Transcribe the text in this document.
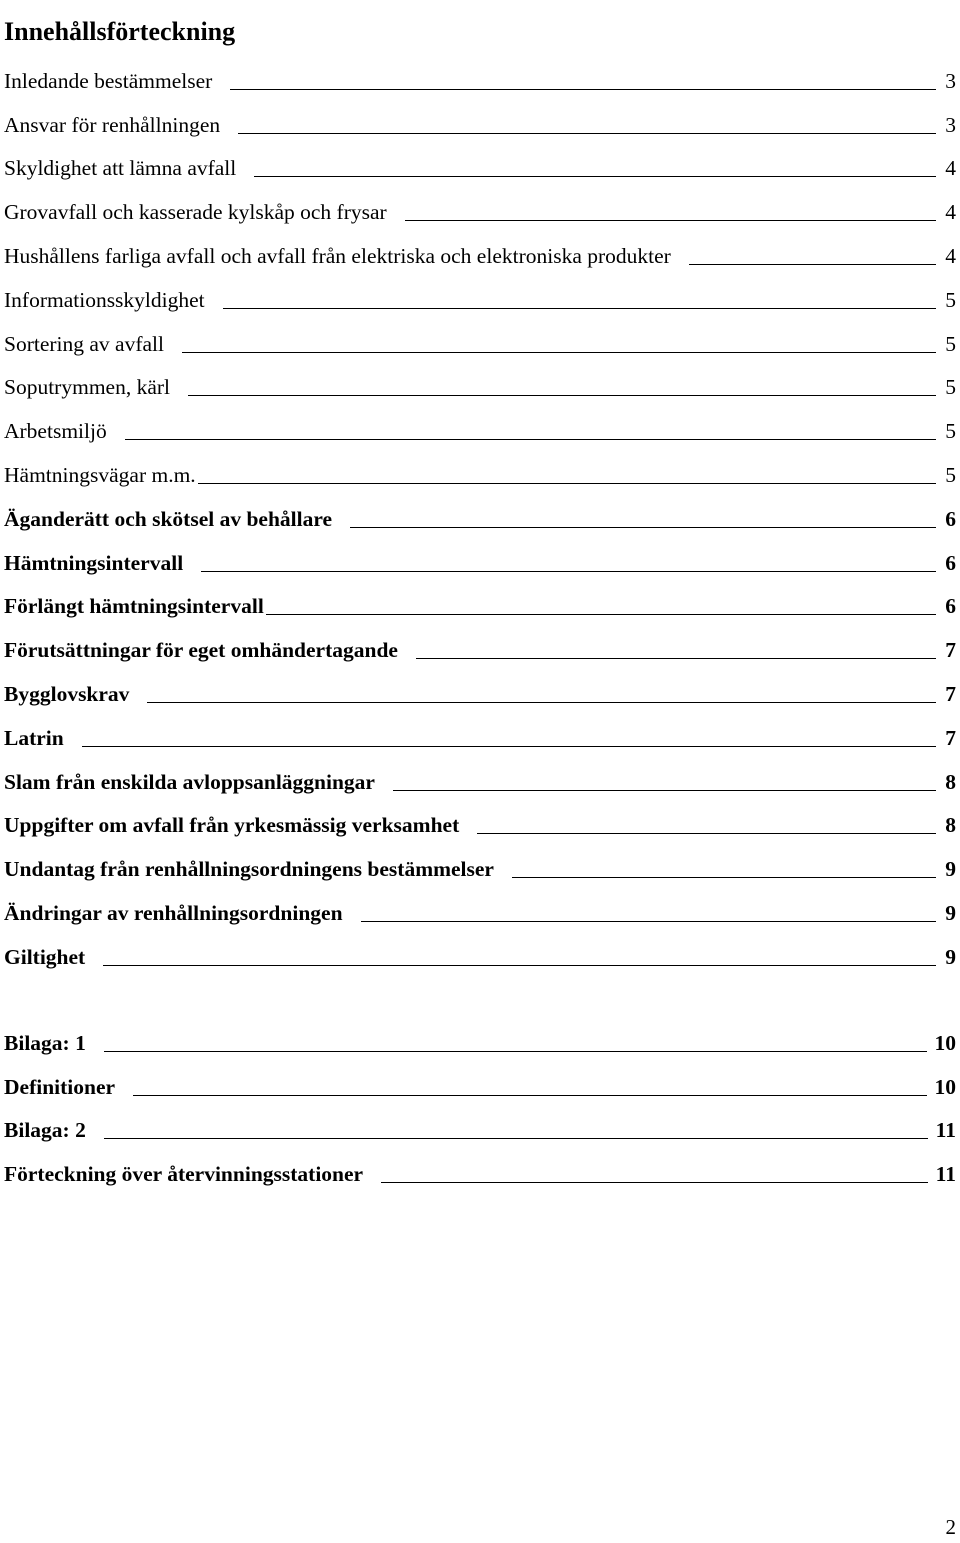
Innehållsförteckning
Inledande bestämmelser	3
Ansvar för renhållningen	3
Skyldighet att lämna avfall	4
Grovavfall och kasserade kylskåp och frysar	4
Hushållens farliga avfall och avfall från elektriska och elektroniska produkter	4
Informationsskyldighet	5
Sortering av avfall	5
Soputrymmen, kärl	5
Arbetsmiljö	5
Hämtningsvägar m.m.	5
Äganderätt och skötsel av behållare	6
Hämtningsintervall	6
Förlängt hämtningsintervall	6
Förutsättningar för eget omhändertagande	7
Bygglovskrav	7
Latrin	7
Slam från enskilda avloppsanläggningar	8
Uppgifter om avfall från yrkesmässig verksamhet	8
Undantag från renhållningsordningens bestämmelser	9
Ändringar av renhållningsordningen	9
Giltighet	9
Bilaga: 1	10
Definitioner	10
Bilaga: 2	11
Förteckning över återvinningsstationer	11
2
